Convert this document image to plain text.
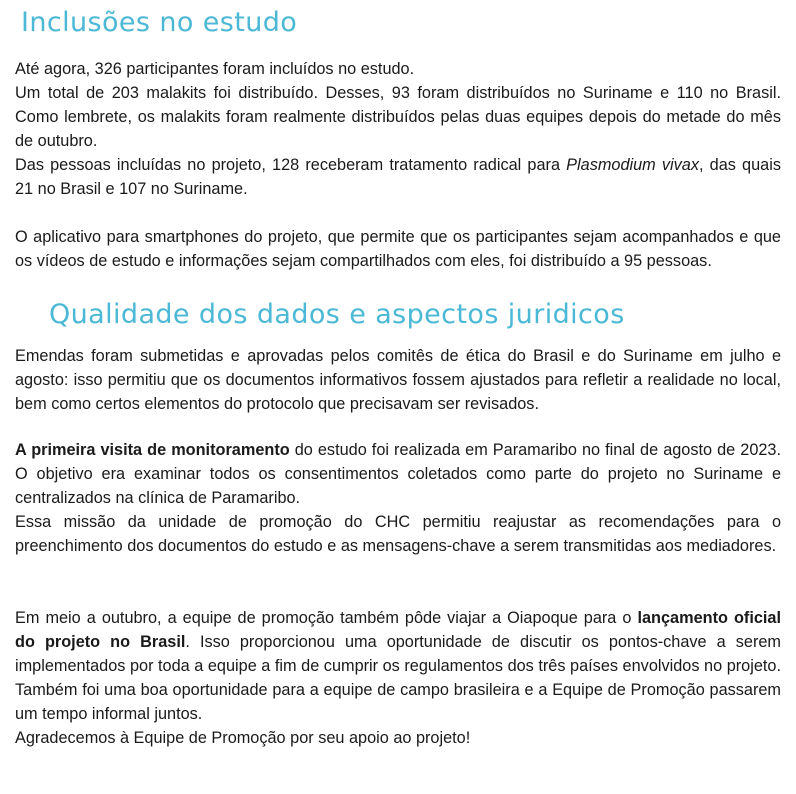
Inclusões no estudo

Até agora, 326 participantes foram incluídos no estudo.

Um total de 203 malakits foi distribuído. Desses, 93 foram distribuídos no Suriname e 110 no Brasil. Como lembrete, os malakits foram realmente distribuídos pelas duas equipes depois do metade do mês de outubro.

Das pessoas incluídas no projeto, 128 receberam tratamento radical para Plasmodium vivax, das quais 21 no Brasil e 107 no Suriname.

O aplicativo para smartphones do projeto, que permite que os participantes sejam acompanhados e que os vídeos de estudo e informações sejam compartilhados com eles, foi distribuído a 95 pessoas.

Qualidade dos dados e aspectos juridicos

Emendas foram submetidas e aprovadas pelos comitês de ética do Brasil e do Suriname em julho e agosto: isso permitiu que os documentos informativos fossem ajustados para refletir a realidade no local, bem como certos elementos do protocolo que precisavam ser revisados.

A primeira visita de monitoramento do estudo foi realizada em Paramaribo no final de agosto de 2023. O objetivo era examinar todos os consentimentos coletados como parte do projeto no Suriname e centralizados na clínica de Paramaribo.

Essa missão da unidade de promoção do CHC permitiu reajustar as recomendações para o preenchimento dos documentos do estudo e as mensagens-chave a serem transmitidas aos mediadores.

Em meio a outubro, a equipe de promoção também pôde viajar a Oiapoque para o lançamento oficial do projeto no Brasil. Isso proporcionou uma oportunidade de discutir os pontos-chave a serem implementados por toda a equipe a fim de cumprir os regulamentos dos três países envolvidos no projeto. Também foi uma boa oportunidade para a equipe de campo brasileira e a Equipe de Promoção passarem um tempo informal juntos.

Agradecemos à Equipe de Promoção por seu apoio ao projeto!
